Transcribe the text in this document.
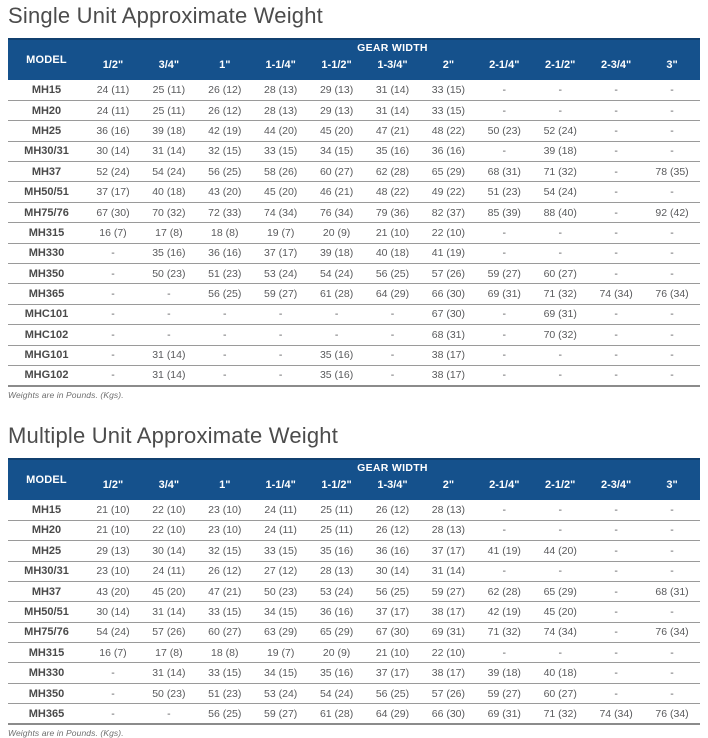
Single Unit Approximate Weight
MODEL	GEAR WIDTH										
	1/2"	3/4"	1"	1-1/4"	1-1/2"	1-3/4"	2"	2-1/4"	2-1/2"	2-3/4"	3"
MH15	24 (11)	25 (11)	26 (12)	28 (13)	29 (13)	31 (14)	33 (15)	-	-	-	-
MH20	24 (11)	25 (11)	26 (12)	28 (13)	29 (13)	31 (14)	33 (15)	-	-	-	-
MH25	36 (16)	39 (18)	42 (19)	44 (20)	45 (20)	47 (21)	48 (22)	50 (23)	52 (24)	-	-
MH30/31	30 (14)	31 (14)	32 (15)	33 (15)	34 (15)	35 (16)	36 (16)	-	39 (18)	-	-
MH37	52 (24)	54 (24)	56 (25)	58 (26)	60 (27)	62 (28)	65 (29)	68 (31)	71 (32)	-	78 (35)
MH50/51	37 (17)	40 (18)	43 (20)	45 (20)	46 (21)	48 (22)	49 (22)	51 (23)	54 (24)	-	-
MH75/76	67 (30)	70 (32)	72 (33)	74 (34)	76 (34)	79 (36)	82 (37)	85 (39)	88 (40)	-	92 (42)
MH315	16 (7)	17 (8)	18 (8)	19 (7)	20 (9)	21 (10)	22 (10)	-	-	-	-
MH330	-	35 (16)	36 (16)	37 (17)	39 (18)	40 (18)	41 (19)	-	-	-	-
MH350	-	50 (23)	51 (23)	53 (24)	54 (24)	56 (25)	57 (26)	59 (27)	60 (27)	-	-
MH365	-	-	56 (25)	59 (27)	61 (28)	64 (29)	66 (30)	69 (31)	71 (32)	74 (34)	76 (34)
MHC101	-	-	-	-	-	-	67 (30)	-	69 (31)	-	-
MHC102	-	-	-	-	-	-	68 (31)	-	70 (32)	-	-
MHG101	-	31 (14)	-	-	35 (16)	-	38 (17)	-	-	-	-
MHG102	-	31 (14)	-	-	35 (16)	-	38 (17)	-	-	-	-

Weights are in Pounds. (Kgs).

Multiple Unit Approximate Weight
MODEL	GEAR WIDTH										
	1/2"	3/4"	1"	1-1/4"	1-1/2"	1-3/4"	2"	2-1/4"	2-1/2"	2-3/4"	3"
MH15	21 (10)	22 (10)	23 (10)	24 (11)	25 (11)	26 (12)	28 (13)	-	-	-	-
MH20	21 (10)	22 (10)	23 (10)	24 (11)	25 (11)	26 (12)	28 (13)	-	-	-	-
MH25	29 (13)	30 (14)	32 (15)	33 (15)	35 (16)	36 (16)	37 (17)	41 (19)	44 (20)	-	-
MH30/31	23 (10)	24 (11)	26 (12)	27 (12)	28 (13)	30 (14)	31 (14)	-	-	-	-
MH37	43 (20)	45 (20)	47 (21)	50 (23)	53 (24)	56 (25)	59 (27)	62 (28)	65 (29)	-	68 (31)
MH50/51	30 (14)	31 (14)	33 (15)	34 (15)	36 (16)	37 (17)	38 (17)	42 (19)	45 (20)	-	-
MH75/76	54 (24)	57 (26)	60 (27)	63 (29)	65 (29)	67 (30)	69 (31)	71 (32)	74 (34)	-	76 (34)
MH315	16 (7)	17 (8)	18 (8)	19 (7)	20 (9)	21 (10)	22 (10)	-	-	-	-
MH330	-	31 (14)	33 (15)	34 (15)	35 (16)	37 (17)	38 (17)	39 (18)	40 (18)	-	-
MH350	-	50 (23)	51 (23)	53 (24)	54 (24)	56 (25)	57 (26)	59 (27)	60 (27)	-	-
MH365	-	-	56 (25)	59 (27)	61 (28)	64 (29)	66 (30)	69 (31)	71 (32)	74 (34)	76 (34)

Weights are in Pounds. (Kgs).
